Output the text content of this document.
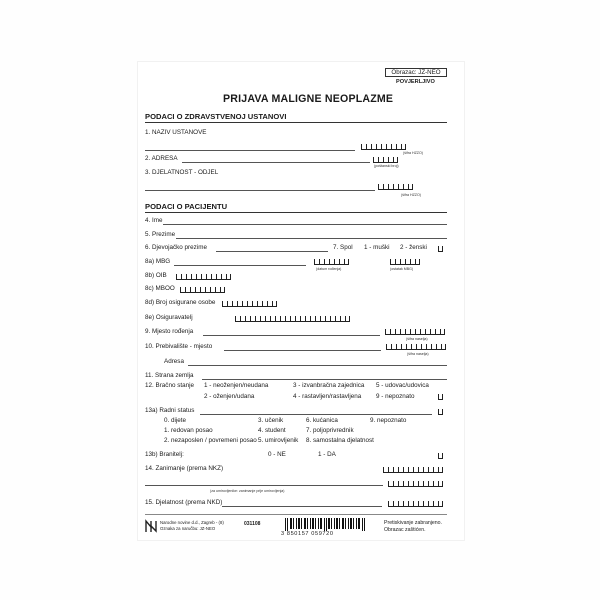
Obrazac: JZ-NEO
POVJERLJIVO
PRIJAVA MALIGNE NEOPLAZME
PODACI O ZDRAVSTVENOJ USTANOVI
1. NAZIV USTANOVE
(šifra HZZO)
2. ADRESA
(poštanski broj)
3. DJELATNOST - ODJEL
(šifra HZZO)
PODACI O PACIJENTU
4. Ime
5. Prezime
6. Djevojačko prezime	7. Spol 1 - muški 2 - ženski
8a) MBG
(datum rođenja)	(ostatak MBG)
8b) OIB
8c) MBOO
8d) Broj osigurane osobe
8e) Osiguravatelj
9. Mjesto rođenja
(šifra naselja)
10. Prebivalište - mjesto
(šifra naselja)
Adresa
11. Strana zemlja
12. Bračno stanje 1 - neoženjen/neudana
2 - oženjen/udana
3 - izvanbračna zajednica
4 - rastavljen/rastavljena
5 - udovac/udovica
9 - nepoznato
13a) Radni status
0. dijete
1. redovan posao
2. nezaposlen / povremeni posao
3. učenik
4. student
5. umirovljenik
6. kućanica
7. poljoprivrednik
8. samostalna djelatnost
9. nepoznato
13b) Branitelj:	0 - NE	1 - DA
14. Zanimanje (prema NKZ)
(za umirovljenike: zanimanje prije umirovljenja)
15. Djelatnost (prema NKD)
Narodne novine d.d., Zagreb - (8)
Oznaka za naručbu: JZ-NEO
031108
3 850157 059720
Pretiskivanje zabranjeno.
Obrazac zaštićen.
